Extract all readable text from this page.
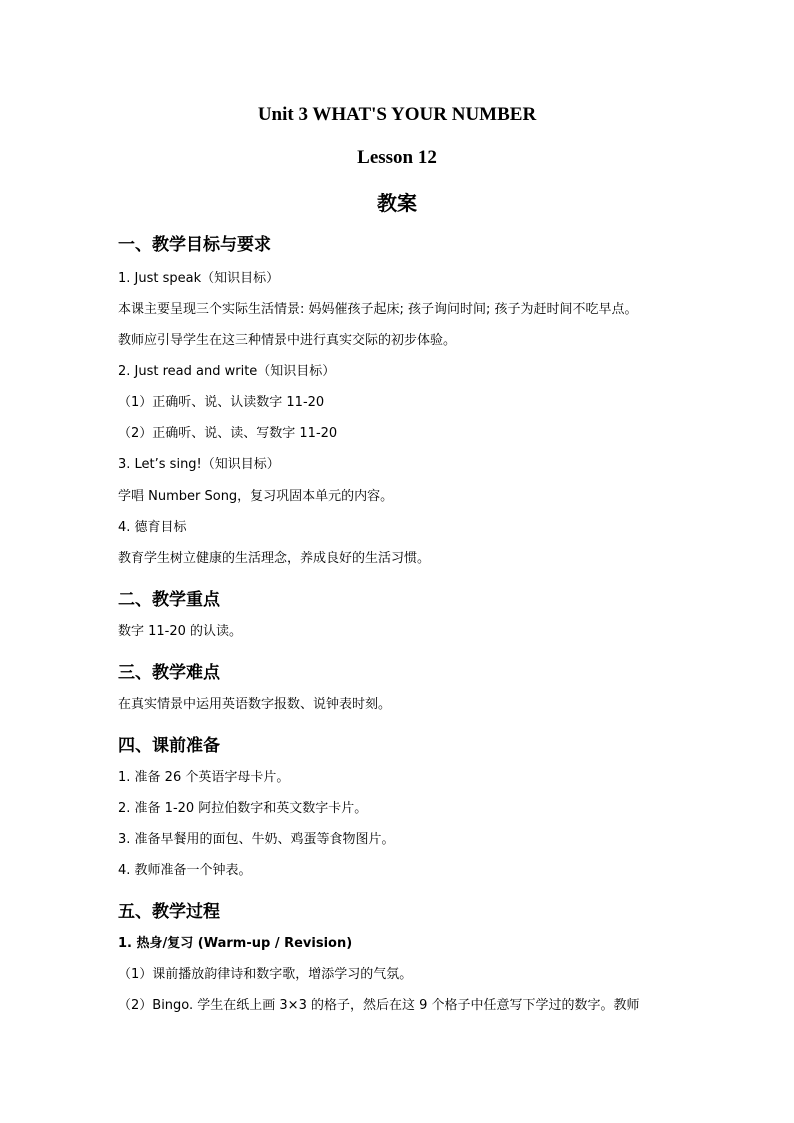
Unit 3 WHAT'S YOUR NUMBER
Lesson 12
教案
一、教学目标与要求
1. Just speak（知识目标）
本课主要呈现三个实际生活情景: 妈妈催孩子起床; 孩子询问时间; 孩子为赶时间不吃早点。
教师应引导学生在这三种情景中进行真实交际的初步体验。
2. Just read and write（知识目标）
（1）正确听、说、认读数字 11-20
（2）正确听、说、读、写数字 11-20
3. Let’s sing!（知识目标）
学唱 Number Song，复习巩固本单元的内容。
4. 德育目标
教育学生树立健康的生活理念，养成良好的生活习惯。
二、教学重点
数字 11-20 的认读。
三、教学难点
在真实情景中运用英语数字报数、说钟表时刻。
四、课前准备
1. 准备 26 个英语字母卡片。
2. 准备 1-20 阿拉伯数字和英文数字卡片。
3. 准备早餐用的面包、牛奶、鸡蛋等食物图片。
4. 教师准备一个钟表。
五、教学过程
1. 热身/复习 (Warm-up / Revision)
（1）课前播放韵律诗和数字歌，增添学习的气氛。
（2）Bingo. 学生在纸上画 3×3 的格子，然后在这 9 个格子中任意写下学过的数字。教师
